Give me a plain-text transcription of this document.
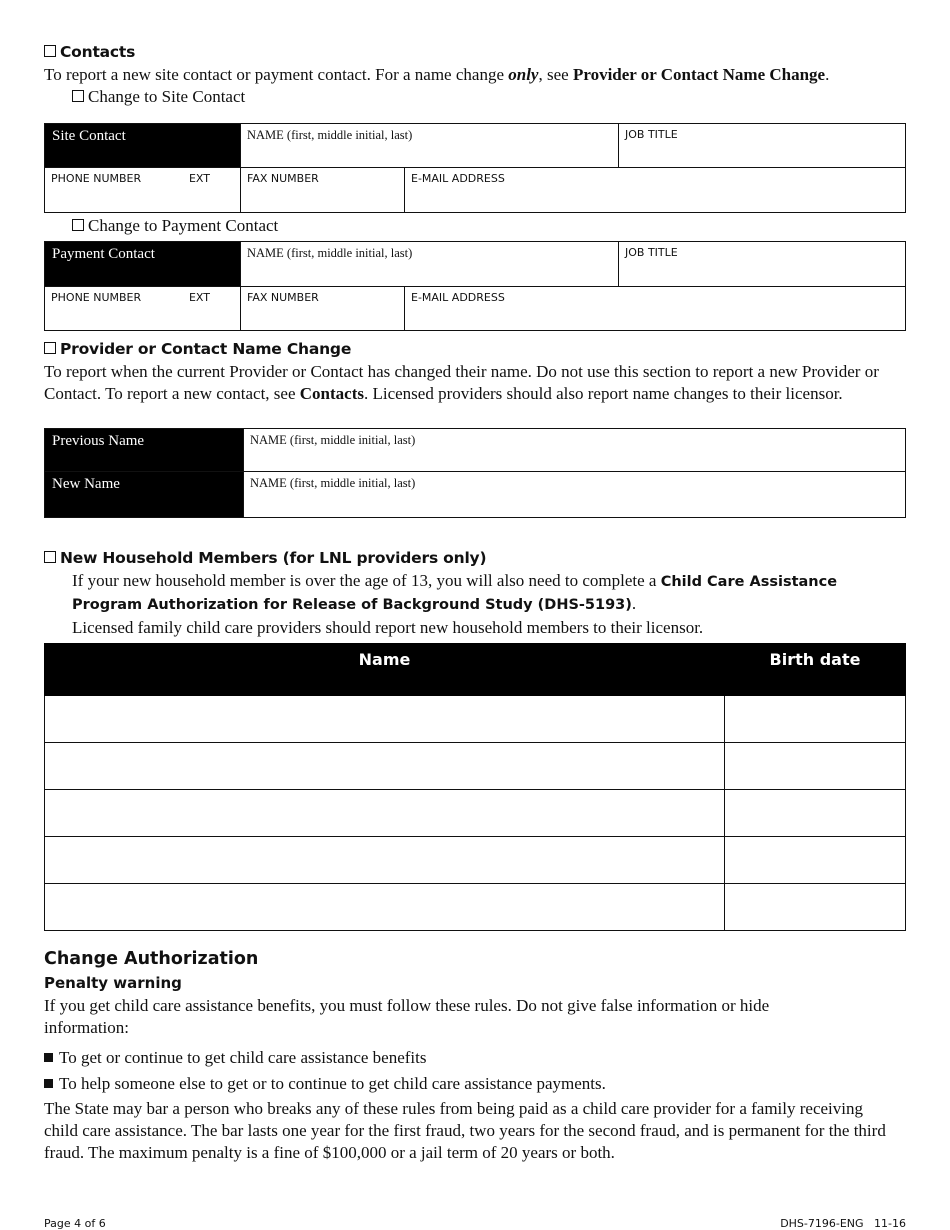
Contacts
To report a new site contact or payment contact. For a name change only, see Provider or Contact Name Change.
Change to Site Contact
Site Contact	NAME (first, middle initial, last)		JOB TITLE
PHONE NUMBER EXT	FAX NUMBER	E-MAIL ADDRESS	
Change to Payment Contact
Payment Contact	NAME (first, middle initial, last)		JOB TITLE
PHONE NUMBER EXT	FAX NUMBER	E-MAIL ADDRESS	
Provider or Contact Name Change
To report when the current Provider or Contact has changed their name. Do not use this section to report a new Provider or Contact. To report a new contact, see Contacts. Licensed providers should also report name changes to their licensor.
Previous Name	NAME (first, middle initial, last)
New Name	NAME (first, middle initial, last)
New Household Members (for LNL providers only)
If your new household member is over the age of 13, you will also need to complete a Child Care Assistance Program Authorization for Release of Background Study (DHS-5193).
Licensed family child care providers should report new household members to their licensor.
Name	Birth date

Change Authorization
Penalty warning
If you get child care assistance benefits, you must follow these rules. Do not give false information or hide information:
To get or continue to get child care assistance benefits
To help someone else to get or to continue to get child care assistance payments.
The State may bar a person who breaks any of these rules from being paid as a child care provider for a family receiving child care assistance. The bar lasts one year for the first fraud, two years for the second fraud, and is permanent for the third fraud. The maximum penalty is a fine of $100,000 or a jail term of 20 years or both.
Page 4 of 6	DHS-7196-ENG   11-16
